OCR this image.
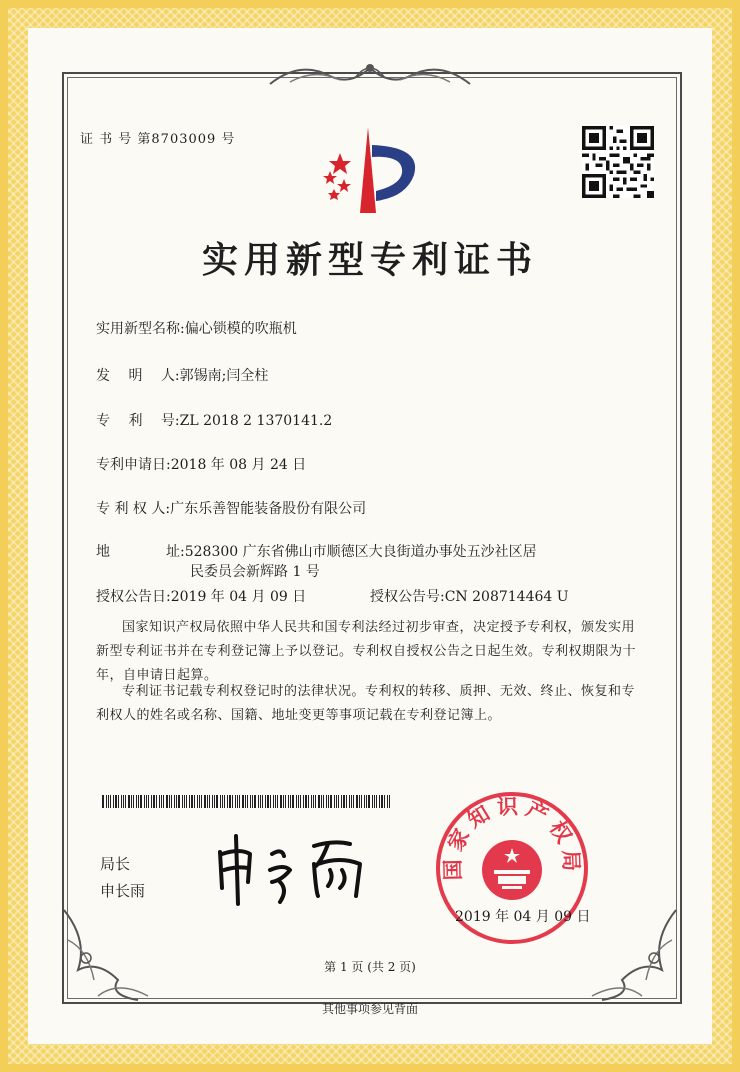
证 书 号 第8703009 号
实用新型专利证书
实用新型名称:偏心锁模的吹瓶机
发　 明　 人:郭锡南;闫全柱
专　 利　 号:ZL 2018 2 1370141.2
专利申请日:2018 年 08 月 24 日
专 利 权 人:广东乐善智能装备股份有限公司
地　　　　址:528300 广东省佛山市顺德区大良街道办事处五沙社区居
民委员会新辉路 1 号
授权公告日:2019 年 04 月 09 日	授权公告号:CN 208714464 U
国家知识产权局依照中华人民共和国专利法经过初步审查，决定授予专利权，颁发实用
新型专利证书并在专利登记簿上予以登记。专利权自授权公告之日起生效。专利权期限为十
年，自申请日起算。
专利证书记载专利权登记时的法律状况。专利权的转移、质押、无效、终止、恢复和专
利权人的姓名或名称、国籍、地址变更等事项记载在专利登记簿上。
局长
申长雨
国家知识产权局
2019 年 04 月 09 日
第 1 页 (共 2 页)
其他事项参见背面
